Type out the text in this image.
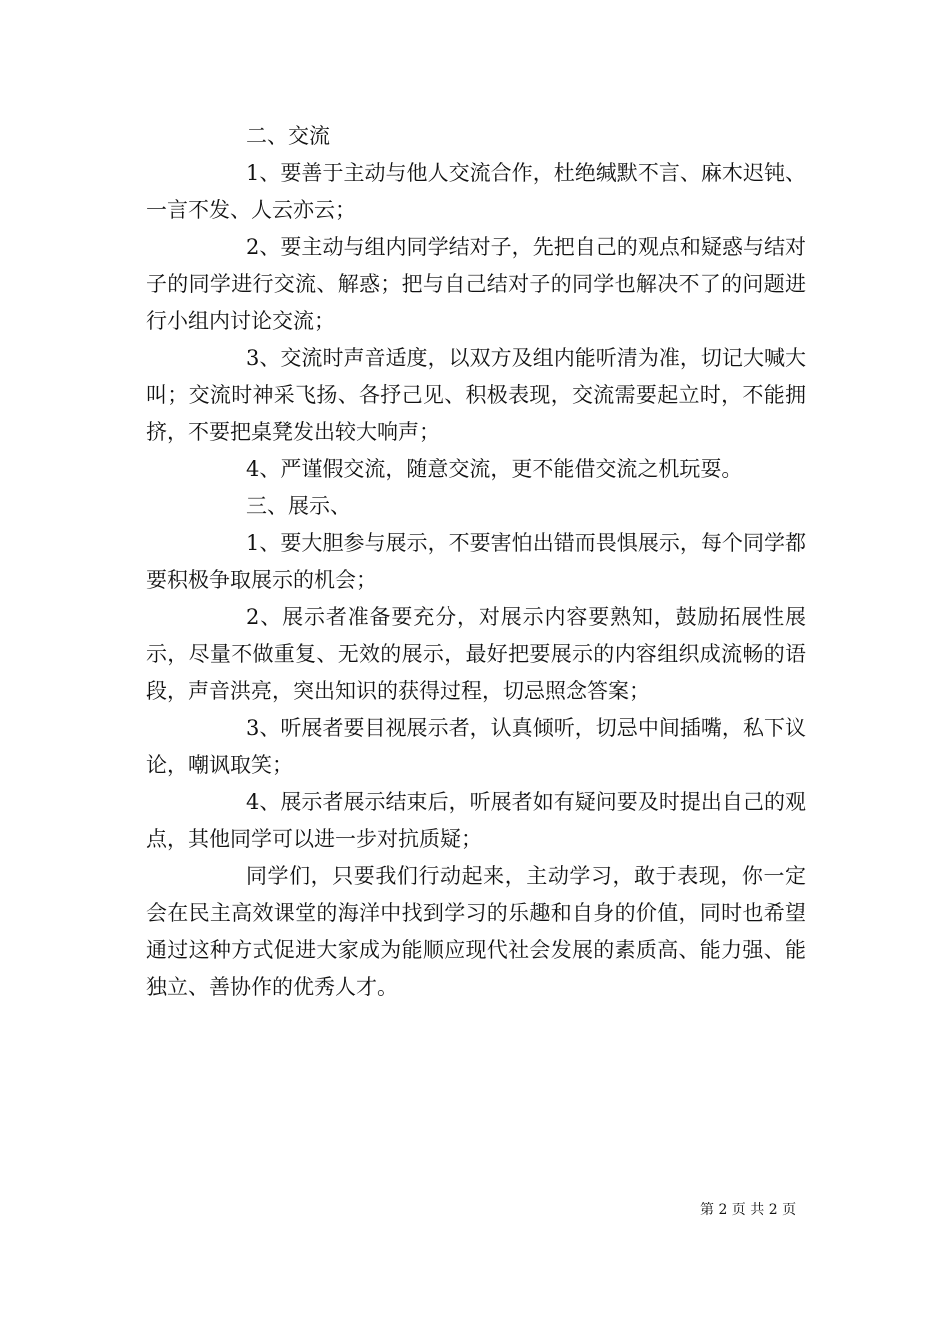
二、交流

1、要善于主动与他人交流合作，杜绝缄默不言、麻木迟钝、一言不发、人云亦云；

2、要主动与组内同学结对子，先把自己的观点和疑惑与结对子的同学进行交流、解惑；把与自己结对子的同学也解决不了的问题进行小组内讨论交流；

3、交流时声音适度，以双方及组内能听清为准，切记大喊大叫；交流时神采飞扬、各抒己见、积极表现，交流需要起立时，不能拥挤，不要把桌凳发出较大响声；

4、严谨假交流，随意交流，更不能借交流之机玩耍。

三、展示、

1、要大胆参与展示，不要害怕出错而畏惧展示，每个同学都要积极争取展示的机会；

2、展示者准备要充分，对展示内容要熟知，鼓励拓展性展示，尽量不做重复、无效的展示，最好把要展示的内容组织成流畅的语段，声音洪亮，突出知识的获得过程，切忌照念答案；

3、听展者要目视展示者，认真倾听，切忌中间插嘴，私下议论，嘲讽取笑；

4、展示者展示结束后，听展者如有疑问要及时提出自己的观点，其他同学可以进一步对抗质疑；

同学们，只要我们行动起来，主动学习，敢于表现，你一定会在民主高效课堂的海洋中找到学习的乐趣和自身的价值，同时也希望通过这种方式促进大家成为能顺应现代社会发展的素质高、能力强、能独立、善协作的优秀人才。

第 2 页 共 2 页
